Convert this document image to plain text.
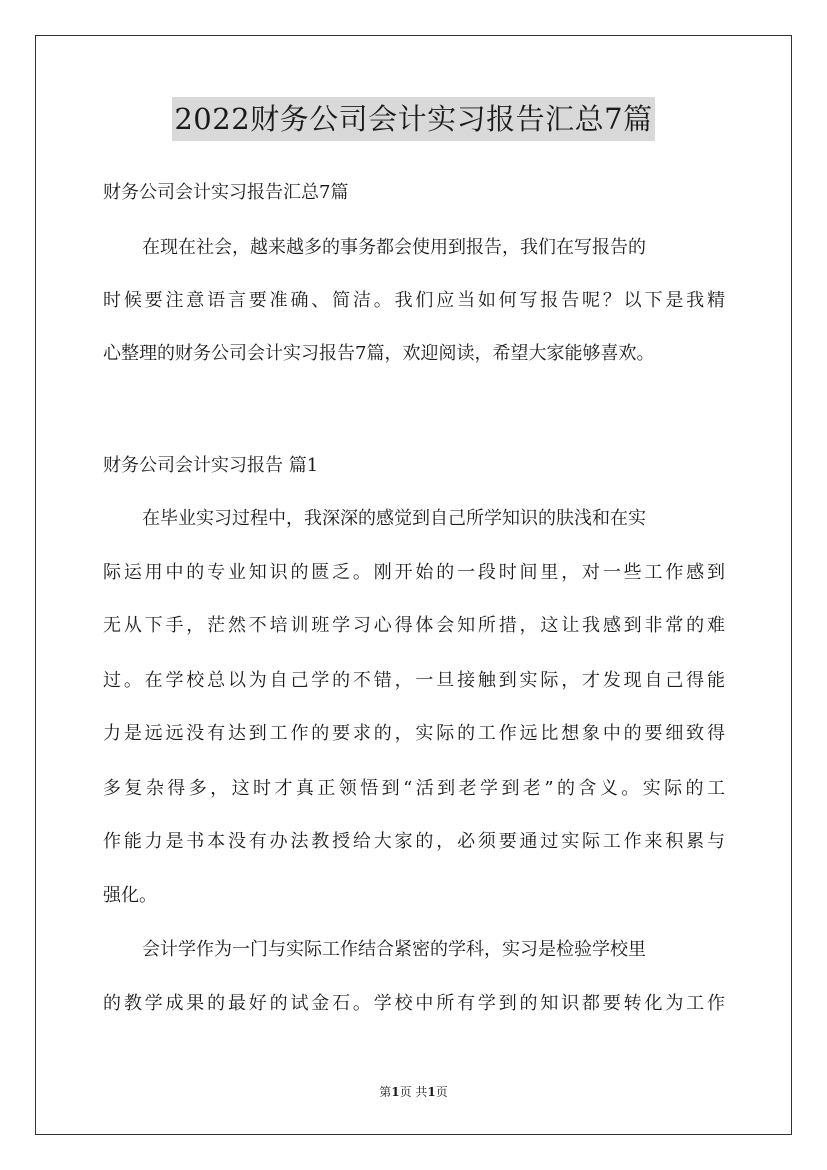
2022财务公司会计实习报告汇总7篇
财务公司会计实习报告汇总7篇
在现在社会，越来越多的事务都会使用到报告，我们在写报告的
时候要注意语言要准确、简洁。我们应当如何写报告呢？以下是我精
心整理的财务公司会计实习报告7篇，欢迎阅读，希望大家能够喜欢。
财务公司会计实习报告 篇1
在毕业实习过程中，我深深的感觉到自己所学知识的肤浅和在实
际运用中的专业知识的匮乏。刚开始的一段时间里，对一些工作感到
无从下手，茫然不培训班学习心得体会知所措，这让我感到非常的难
过。在学校总以为自己学的不错，一旦接触到实际，才发现自己得能
力是远远没有达到工作的要求的，实际的工作远比想象中的要细致得
多复杂得多，这时才真正领悟到“活到老学到老”的含义。实际的工
作能力是书本没有办法教授给大家的，必须要通过实际工作来积累与
强化。
会计学作为一门与实际工作结合紧密的学科，实习是检验学校里
的教学成果的最好的试金石。学校中所有学到的知识都要转化为工作
第1页 共1页
